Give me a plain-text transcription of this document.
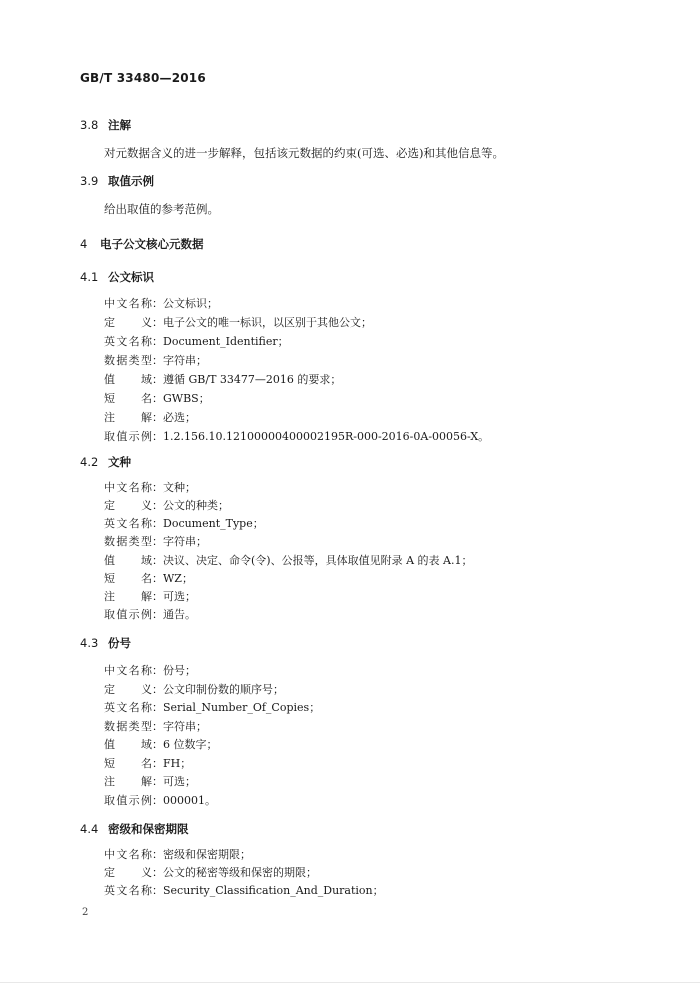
GB/T 33480—2016
3.8 注解
对元数据含义的进一步解释，包括该元数据的约束(可选、必选)和其他信息等。
3.9 取值示例
给出取值的参考范例。
4 电子公文核心元数据
4.1 公文标识
中文名称：公文标识；
定义：电子公文的唯一标识，以区别于其他公文；
英文名称：Document_Identifier；
数据类型：字符串；
值域：遵循 GB/T 33477—2016 的要求；
短名：GWBS；
注解：必选；
取值示例：1.2.156.10.12100000400002195R-000-2016-0A-00056-X。
4.2 文种
中文名称：文种；
定义：公文的种类；
英文名称：Document_Type；
数据类型：字符串；
值域：决议、决定、命令(令)、公报等，具体取值见附录 A 的表 A.1；
短名：WZ；
注解：可选；
取值示例：通告。
4.3 份号
中文名称：份号；
定义：公文印制份数的顺序号；
英文名称：Serial_Number_Of_Copies；
数据类型：字符串；
值域：6 位数字；
短名：FH；
注解：可选；
取值示例：000001。
4.4 密级和保密期限
中文名称：密级和保密期限；
定义：公文的秘密等级和保密的期限；
英文名称：Security_Classification_And_Duration；
2
